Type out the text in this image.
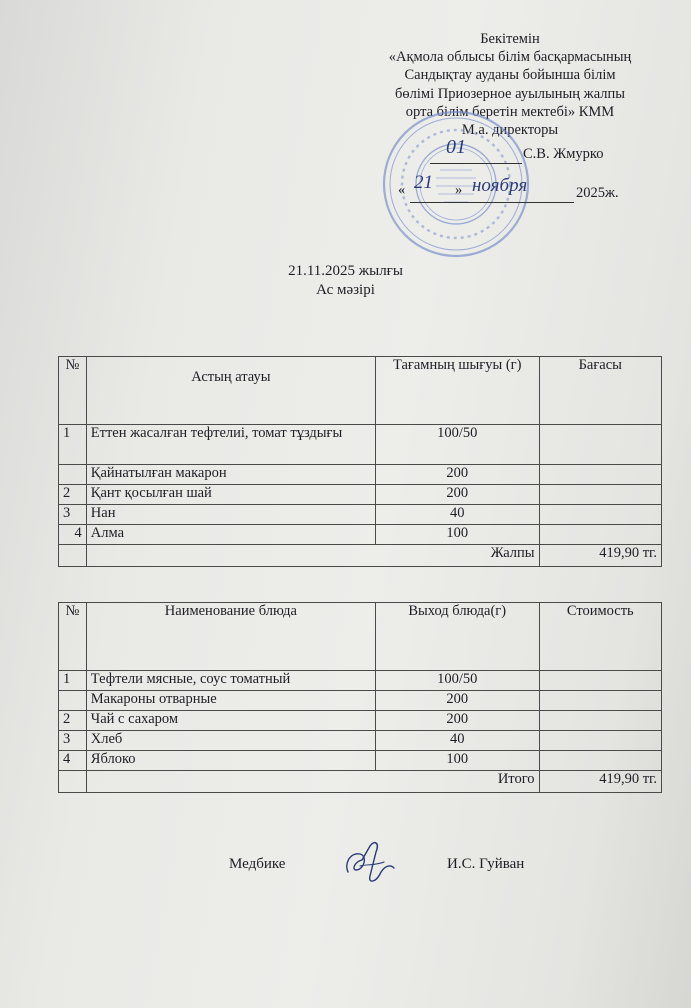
Бекітемін
«Ақмола облысы білім басқармасының
Сандықтау ауданы бойынша білім
бөлімі Приозерное ауылының жалпы
орта білім беретін мектебі» КММ
М.а. директоры
01	С.В. Жмурко
« 21 ноября
»	2025ж.
21.11.2025 жылғы
Ас мәзірі
№	Астың атауы	Тағамның шығуы (г)	Бағасы
1	Еттен жасалған тефтелиі, томат тұздығы	100/50	
	Қайнатылған макарон	200	
2	Қант қосылған шай	200	
3	Нан	40	
4	Алма	100	
	Жалпы		419,90 тг.
№	Наименование блюда	Выход блюда(г)	Стоимость
1	Тефтели мясные, соус томатный	100/50	
	Макароны отварные	200	
2	Чай с сахаром	200	
3	Хлеб	40	
4	Яблоко	100	
	Итого		419,90 тг.
Медбике	И.С. Гуйван
